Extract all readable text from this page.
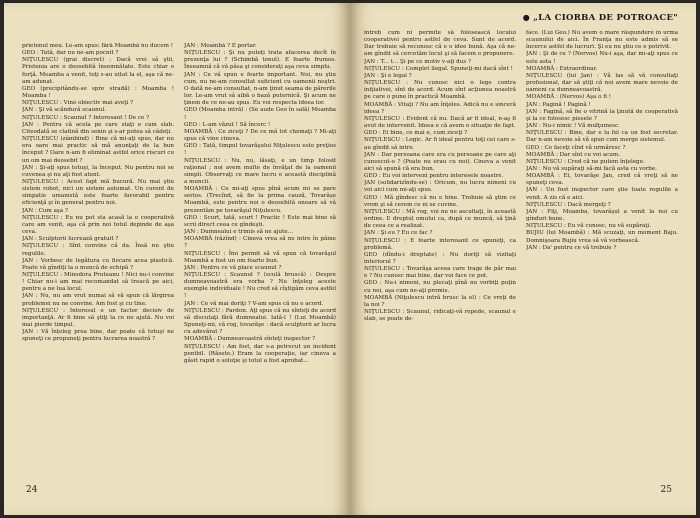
prietenul meu. Le-am spus: fără Moambă nu ducem !

GEO : Tată, dar nu ne-am pocnit ?

NIŢULESCU (grai discret) : Dacă vrei să ştii, Pristenia are o deosebită însemnătate. Este chiar o forţă. Moamba a venit, toţi s-au uitat la el, aşa că ne-am adunat.

GEO (precipitându-se spre stradă) : Moamba ! Moamba !

NIŢULESCU : Vine obiectiv mai aveţi ?

JAN : Şi vă scăndură scaunul.

NIŢULESCU : Scaunul ? Interesant ! De ce ?

JAN : Pentru că acela pe care staţi e cam slab. Citeodată se clatină din senin şi s-ar putea să cădeţi.

NIŢULESCU (zâmbind) : Bine că mi-aţi spus, dar nu era oare mai practic să mă anunţaţi de la bun început ? Oare n-am fi eliminat astfel orice riscuri cu un om mai deosebit ?

JAN : Şi-aţi spus totuşi, la început. Nu pentru noi se cuvenea şi nu aţi fost atent.

NIŢULESCU : Acest fapt mă bucură. Nu mai ştiu sistem robot, nici un sistem automat. Un curent de simpatie umanistă este foarte favorabil pentru eficienţă şi în general pentru noi.

JAN : Cum aşa ?

NIŢULESCU : Eu nu pot sta acasă la o cooperativă care am venit, aşa că prin noi totul depinde de aşa ceva.

JAN : Sculptorii lucrează gratuit ?

NIŢULESCU : Sînt convins că da. Însă nu ştiu regulile.

JAN : Vorbesc de legătura cu fiecare acea plastică. Poate vă gîndiţi la o muncă de echipă ?

NIŢULESCU : Minodora Pruteanu ! Nici nu-i convine ! Chiar nu-i am mai recomandat să treacă pe aici, pentru a ne lua locul.

JAN : Nu, nu am vrut numai să vă spun că lărgirea problemei nu ne convine. Am fost şi cu tine.

NIŢULESCU : Interesul e un factor decisiv de importanţă. Ar fi bine să ştiţi la ce ne ajută. Nu voi mai pierde timpul.

JAN : Vă înţeleg prea bine, dar poate că totuşi ne spuneţi ce propuneţi pentru lucrarea noastră ?

JAN : Moambă ? E portar.

NIŢULESCU : Şi nu puteţi trata afacerea decît în prezenţa lui ? (Schimbă tonul). E foarte frumos. Înseamnă că vă păsa şi consideraţi aşa ceva simplu.

JAN : Ce vă spun e foarte important. Noi, nu ştiu cum, nu ne-am consultat suficient cu oamenii noştri. O dată ne-am consultat, n-am ţinut seama de părerile lor. Le-am vrut să aibă o bază puternică. Şi acum ne ţinem de ce ne-au spus. Eu voi respecta ideea lor.

GEO (Moamba intră) : (Se aude Geo în sală) Moamba !

GEO : L-am văzut ! Să încerc !

MOAMBĂ : Ce ziceţi ? De ce mă tot chemaţi ? Mi-aţi spus că vine cineva.

GEO : Tată, timpul tovarăşului Niţulescu este preţios !

NIŢULESCU : Nu, nu, lăsaţi, e un timp folosit raţional ; noi avem multe de învăţat de la oamenii simpli. Observaţi ce mare lucru e această disciplină a muncii.

MOAMBĂ : Ce mi-aţi spus pînă acum mi se pare serios. (Trecînd, să fie la prima cauză, Tovarăşe Moambă, este pentru noi o deosebită onoare să vă prezentăm pe tovarăşul Niţulescu.

GEO : Scurt, tată, scurt ! Practic ! Este mai bine să scrii direct ceea ce gîndeşti.

JAN : Dumnealui e trimis să ne ajute...

MOAMBĂ (râzînd) : Cineva vrea să ne intre în pâine ?

NIŢULESCU : Îmi permit să vă spun că tovarăşul Moambă a fost un om foarte bun.

JAN : Pentru ce vă place scaunul ?

NIŢULESCU : Scaunul ? (sculă bruscă) : Despre dumneavoastră era vorba ? Nu înţeleg aceste exemple individuale ! Nu cred să cîştigăm ceva astfel !

JAN : Ce vă mai doriţi ? V-am spus că nu e acord.

NIŢULESCU : Pardon. Aţi spus că nu sînteţi de acord să discutaţi fără dumnealui. Iată-l ! (Lui Moambă) Spuneţi-mi, vă rog, tovarăşe : dacă sculptorii ar lucra cu adevărat ?

MOAMBĂ : Dumneavoastră sînteţi inspector ?

NIŢULESCU : Am fost, dar s-a petrecut un incident penibil. (Râsete.) Eram la cooperaţie, iar cineva a găsit rapid o soluţie şi totul a fost aprobat...

24
● „LA CIORBA DE POTROACE"

întreb cum ni permite să folosească locului cooperativei pentru astfel de ceva. Sunt de acord. Dar trebuie să recunosc că e o idee bună. Aşa că ne-am gîndit să cercetăm locul şi să facem o propunere.

JAN : T... t... Şi pe ce motiv v-aţi dus ?

NIŢULESCU : Complet ilegal. Spuneţi-mi dacă sînt !

JAN : Şi e legal ?

NIŢULESCU : Nu cunosc nici o lege contra iniţiativei, sînt de acord. Acum sînt acţiunea noastră pe care o pune în practică Moambă.

MOAMBĂ : Vitaţi ? Nu am înţeles. Adică nu e sinceră ideea ?

NIŢULESCU : Evident că nu. Dacă ar fi ideal, n-aş fi avut de intervenit. Ideea e că avem o situaţie de fapt.

GEO : Ei bine, ce mai e, cum ziceţi ?

NIŢULESCU : Logic. Ar fi ideal pentru toţi cei care s-au gîndit să intre.

JAN : Dar persoana care era cu persoane pe care aţi cunoscut-o ? (Poate nu erau cu noi). Cineva a venit aici să spună că era bun.

GEO : Eu voi interveni pentru interesele noastre.

JAN (solidarizîndu-se) : Oricum, nu lucra nimeni cu voi aici cum mi-aţi spus.

GEO : Mă gîndesc că nu e bine. Trebuie să ştim ce vrem şi să cerem ce ni se cuvine.

NIŢULESCU : Mă rog, voi nu ne ascultaţi, în această ordine. E dreptul omului ca, după ce muncă, să ţină de ceea ce a realizat.

JAN : Şi eu ? Eu ce fac ?

NIŢULESCU : E foarte interesant ce spuneţi, ca problemă.

GEO (dîndu-i dreptate) : Nu doriţi să vizitaţi interiorul ?

NIŢULESCU : Tovarăşa aceea care trage de păr mai e ? Nu cunosc mai bine, dar voi face ce pot.

GEO : Nu-i nimeni, nu plecaţi pînă nu vorbiţi puţin cu noi, aşa cum ne-aţi promis.

MOAMBĂ (Niţulescu intră brusc la el) : Ce vreţi de la noi ?

NIŢULESCU : Scaunul, ridicaţi-vă repede, scaunul e slab, se poate de-

face. (Lui Geo.) Nu avem o mare răspundere în urma scaunului de aici. În Franţa nu este admis să se încerce astfel de lucruri. Şi eu nu ştiu ce e potrivit.

JAN : Şi de ce ? (Nervos) Nu-i aşa, dar mi-aţi spus ce este asta !

MOAMBĂ : Extraordinar.

NIŢULESCU (lui Jan) : Vă las să vă consultaţi profesional, dar să ştiţi că noi avem mare nevoie de oameni ca dumneavoastră.

MOAMBĂ : (Nervos) Aşa o fi !

JAN : Pagină ! Pagină !

JAN : Fagină, să fie o vitrină la ţinută de cooperativă şi la ce folosesc piesele ?

JAN : Nu-i nimic ! Vă mulţumesc.

NIŢULESCU : Bine, dar e la fel ca un fost secretar. Dar n-am nevoie să vă spun cum merge sistemul.

GEO : Ce faceţi cînd vă urmăresc ?

MOAMBĂ : Dar sînt cu voi acum.

NIŢULESCU : Cred că ne putem înţelege.

JAN : Nu vă supăraţi să-mi facă asta cu vorbe.

MOAMBĂ : Ei, tovarăşe Jan, cred că vreţi să ne spuneţi ceva.

JAN : Un fost inspector care ştie toate regulile a venit. A zis că e aici.

NIŢULESCU : Dacă mergeţi ?

JAN : Fiţi, Moamba, tovarăşul a venit la noi cu gînduri bune.

NIŢULESCU : Eu vă cunosc, nu vă supăraţi.

BUJIU (lui Moambă) : Mă scuzaţi, un moment Baju. Domnişoara Bujiu vrea să vă vorbească.

JAN : Da' pentru ce vă trebuie ?

25
